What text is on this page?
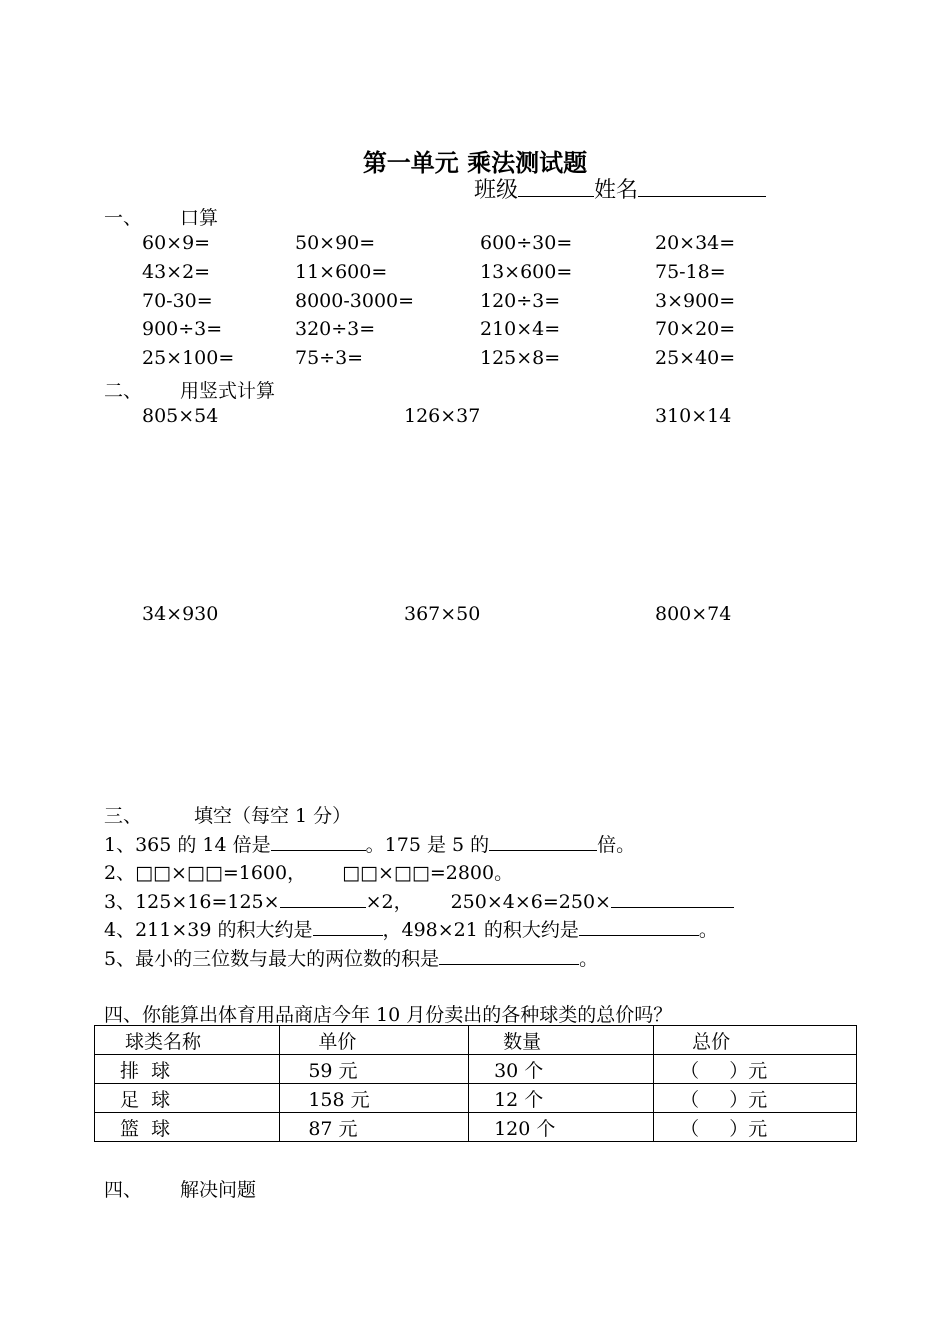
第一单元 乘法测试题
班级	姓名
一、 口算
60×9=	50×90=	600÷30=	20×34=
43×2=	11×600=	13×600=	75-18=
70-30=	8000-3000=	120÷3=	3×900=
900÷3=	320÷3=	210×4=	70×20=
25×100=	75÷3=	125×8=	25×40=
二、 用竖式计算
805×54	126×37	310×14
34×930	367×50	800×74
三、	填空（每空 1 分）
1、365 的 14 倍是	。175 是 5 的	倍。
2、□□×□□=1600， □□×□□=2800。
3、125×16=125×	×2， 250×4×6=250×
4、211×39 的积大约是	，498×21 的积大约是	。
5、最小的三位数与最大的两位数的积是	。
四、你能算出体育用品商店今年 10 月份卖出的各种球类的总价吗？
球类名称	单价	数量	总价
排  球	59 元	30 个	（     ）元
足  球	158 元	12 个	（     ）元
篮  球	87 元	120 个	（     ）元
四、 解决问题
